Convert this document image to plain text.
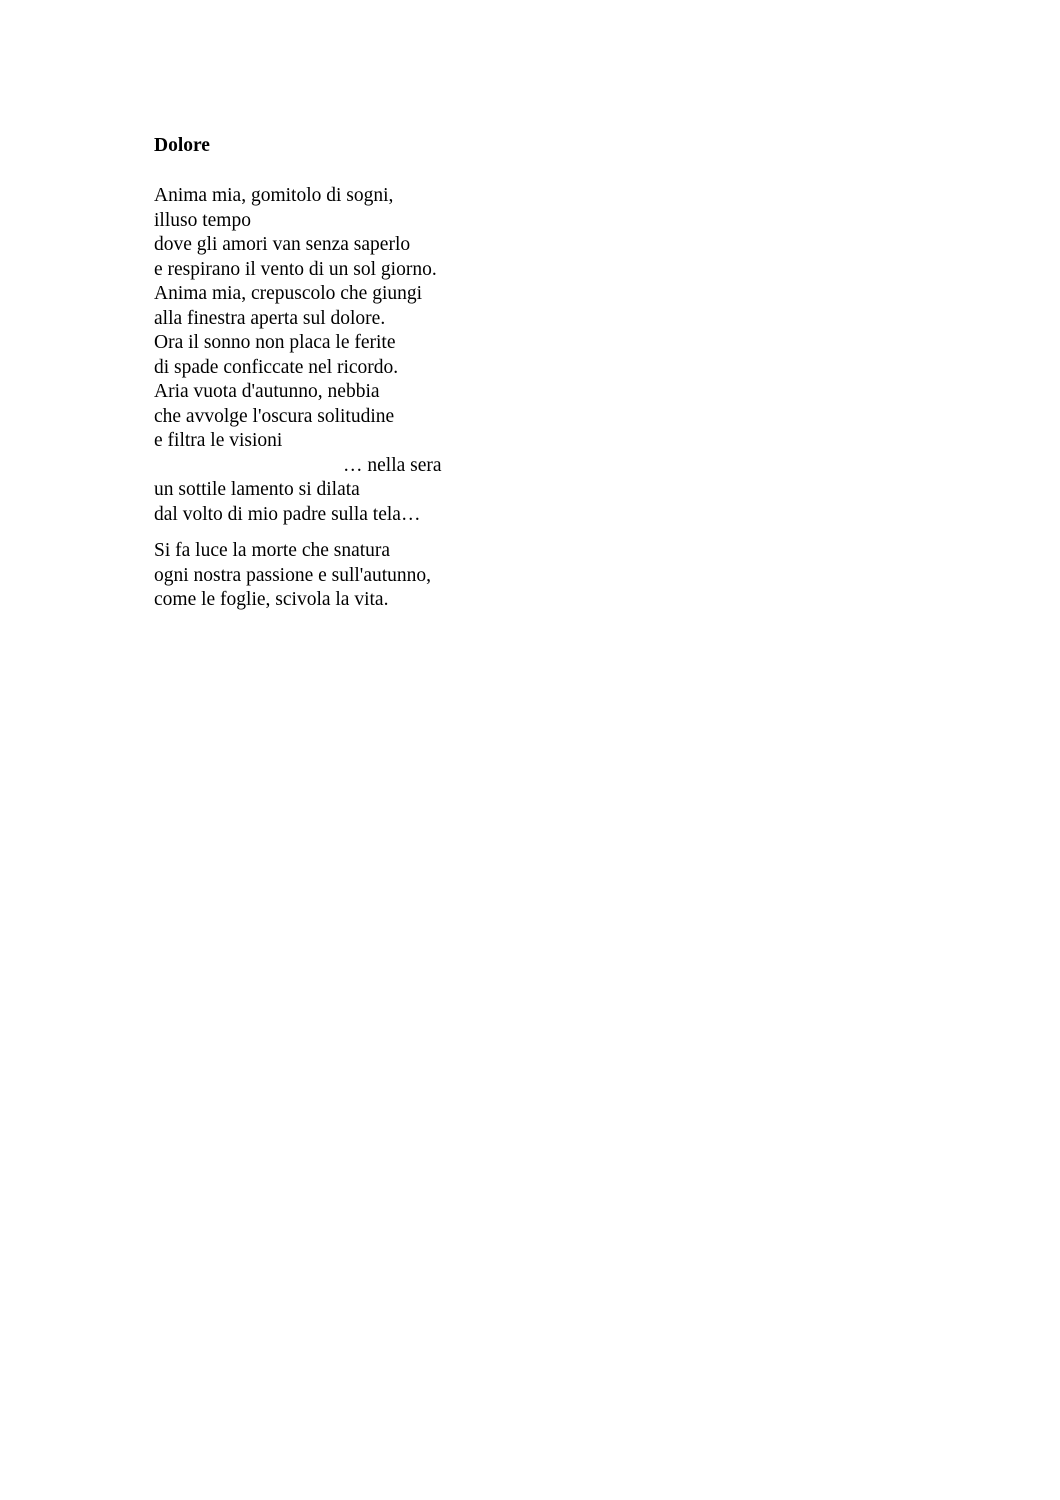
Dolore
Anima mia, gomitolo di sogni,
illuso tempo
dove gli amori van senza saperlo
e respirano il vento di un sol giorno.
Anima mia, crepuscolo che giungi
alla finestra aperta sul dolore.
Ora il sonno non placa le ferite
di spade conficcate nel ricordo.
Aria vuota d'autunno, nebbia
che avvolge l'oscura solitudine
e filtra le visioni
… nella sera
un sottile lamento si dilata
dal volto di mio padre sulla tela…
Si fa luce la morte che snatura
ogni nostra passione e sull'autunno,
come le foglie, scivola la vita.
